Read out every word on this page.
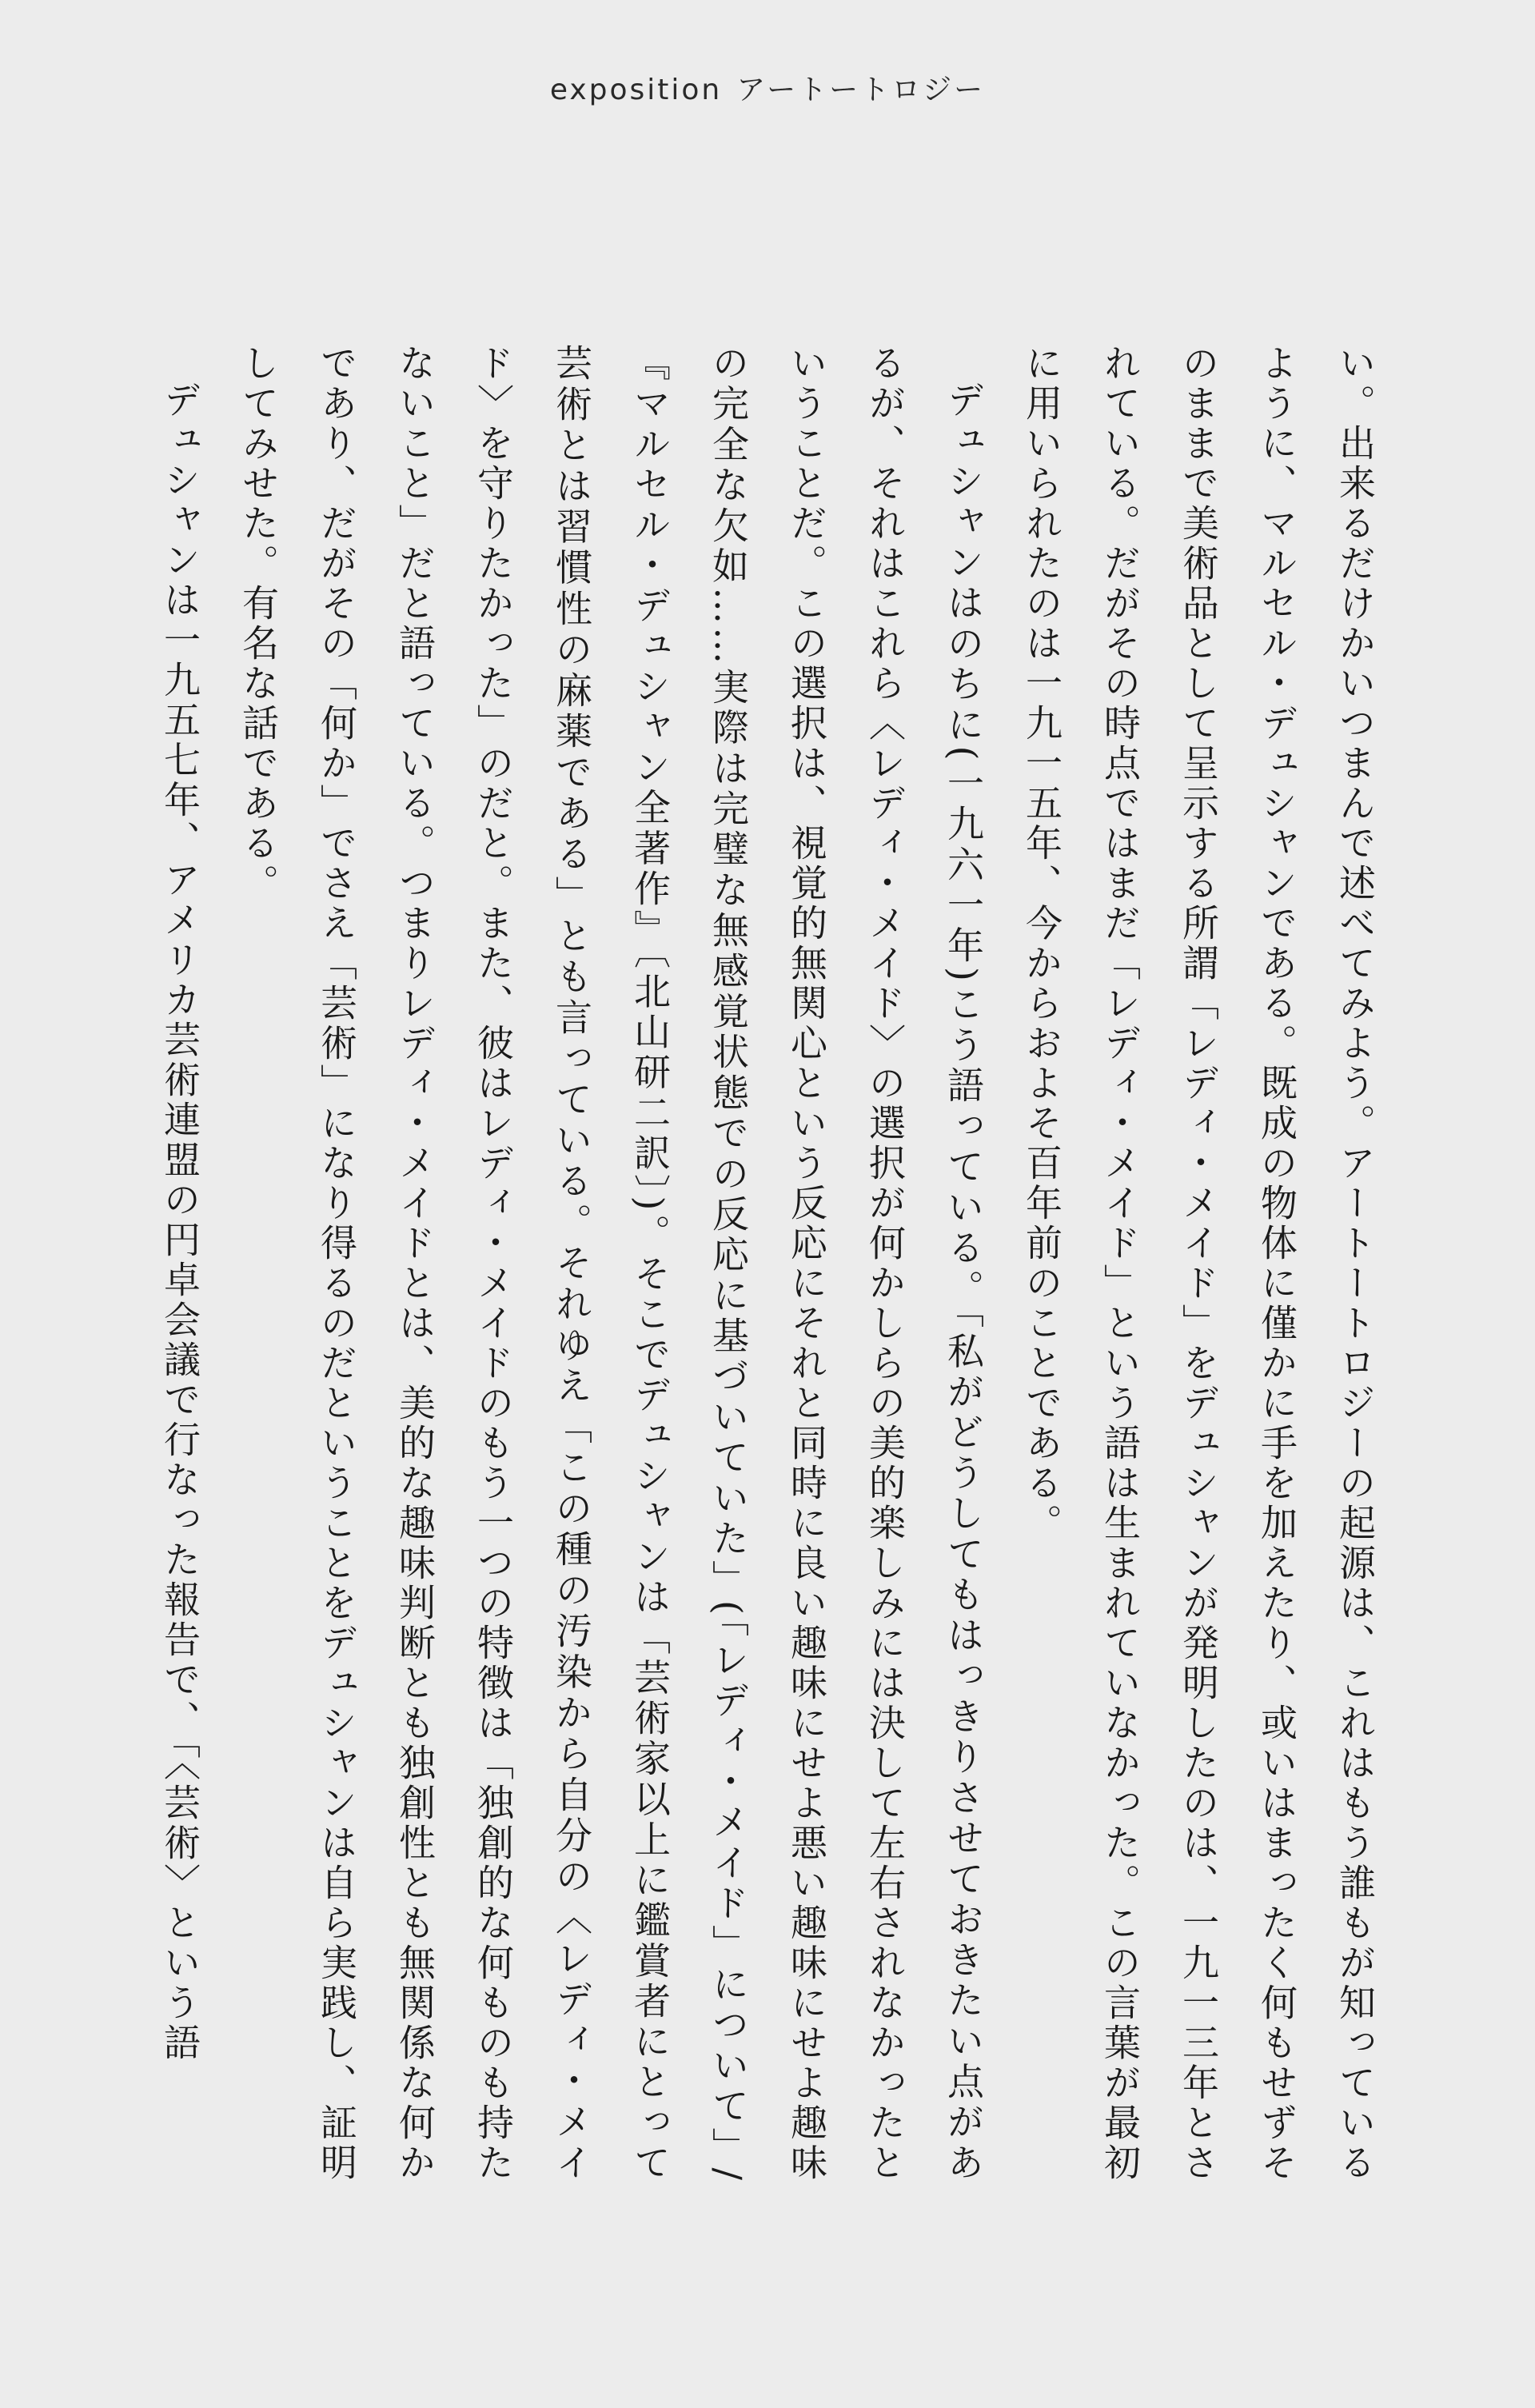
exposition アートートロジー

い。出来るだけかいつまんで述べてみよう。アートートロジーの起源は、これはもう誰もが知っているように、マルセル・デュシャンである。既成の物体に僅かに手を加えたり、或いはまったく何もせずそのままで美術品として呈示する所謂「レディ・メイド」をデュシャンが発明したのは、一九一三年とされている。だがその時点ではまだ「レディ・メイド」という語は生まれていなかった。この言葉が最初に用いられたのは一九一五年、今からおよそ百年前のことである。

デュシャンはのちに(一九六一年)こう語っている。「私がどうしてもはっきりさせておきたい点があるが、それはこれら〈レディ・メイド〉の選択が何かしらの美的楽しみには決して左右されなかったということだ。この選択は、視覚的無関心という反応にそれと同時に良い趣味にせよ悪い趣味にせよ趣味の完全な欠如……実際は完璧な無感覚状態での反応に基づいていた」(「レディ・メイド」について」/『マルセル・デュシャン全著作』〔北山研二訳〕)。そこでデュシャンは「芸術家以上に鑑賞者にとって芸術とは習慣性の麻薬である」とも言っている。それゆえ「この種の汚染から自分の〈レディ・メイド〉を守りたかった」のだと。また、彼はレディ・メイドのもう一つの特徴は「独創的な何ものも持たないこと」だと語っている。つまりレディ・メイドとは、美的な趣味判断とも独創性とも無関係な何かであり、だがその「何か」でさえ「芸術」になり得るのだということをデュシャンは自ら実践し、証明してみせた。有名な話である。

デュシャンは一九五七年、アメリカ芸術連盟の円卓会議で行なった報告で、「〈芸術〉という語
